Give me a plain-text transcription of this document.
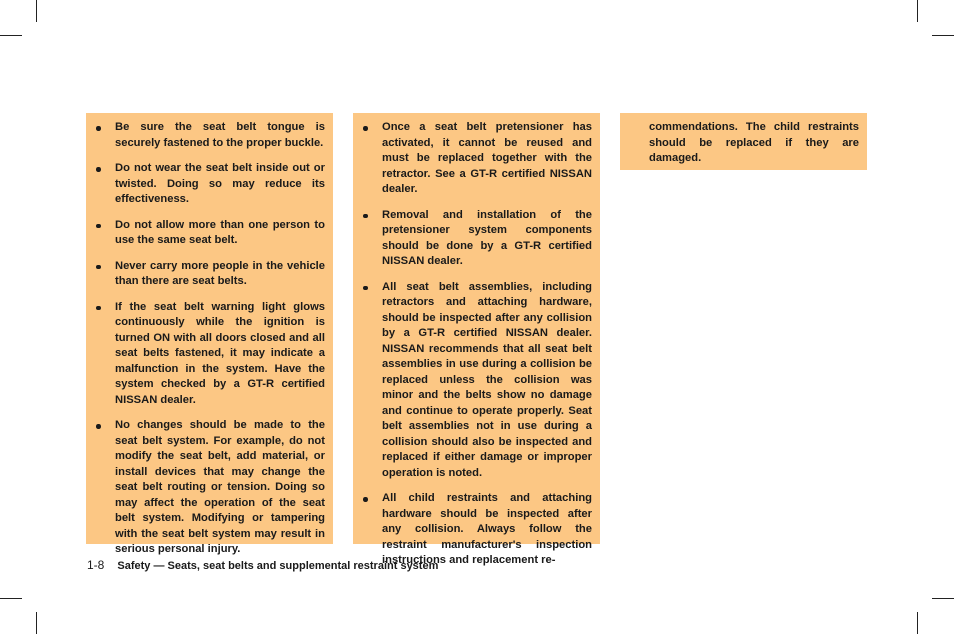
Be sure the seat belt tongue is securely fastened to the proper buckle.
Do not wear the seat belt inside out or twisted. Doing so may reduce its effectiveness.
Do not allow more than one person to use the same seat belt.
Never carry more people in the vehicle than there are seat belts.
If the seat belt warning light glows continuously while the ignition is turned ON with all doors closed and all seat belts fastened, it may indicate a malfunction in the system. Have the system checked by a GT-R certified NISSAN dealer.
No changes should be made to the seat belt system. For example, do not modify the seat belt, add material, or install devices that may change the seat belt routing or tension. Doing so may affect the operation of the seat belt system. Modifying or tampering with the seat belt system may result in serious personal injury.
Once a seat belt pretensioner has activated, it cannot be reused and must be replaced together with the retractor. See a GT-R certified NISSAN dealer.
Removal and installation of the pretensioner system components should be done by a GT-R certified NISSAN dealer.
All seat belt assemblies, including retractors and attaching hardware, should be inspected after any collision by a GT-R certified NISSAN dealer. NISSAN recommends that all seat belt assemblies in use during a collision be replaced unless the collision was minor and the belts show no damage and continue to operate properly. Seat belt assemblies not in use during a collision should also be inspected and replaced if either damage or improper operation is noted.
All child restraints and attaching hardware should be inspected after any collision. Always follow the restraint manufacturer's inspection instructions and replacement re-
commendations. The child restraints should be replaced if they are damaged.
1-8 Safety — Seats, seat belts and supplemental restraint system
